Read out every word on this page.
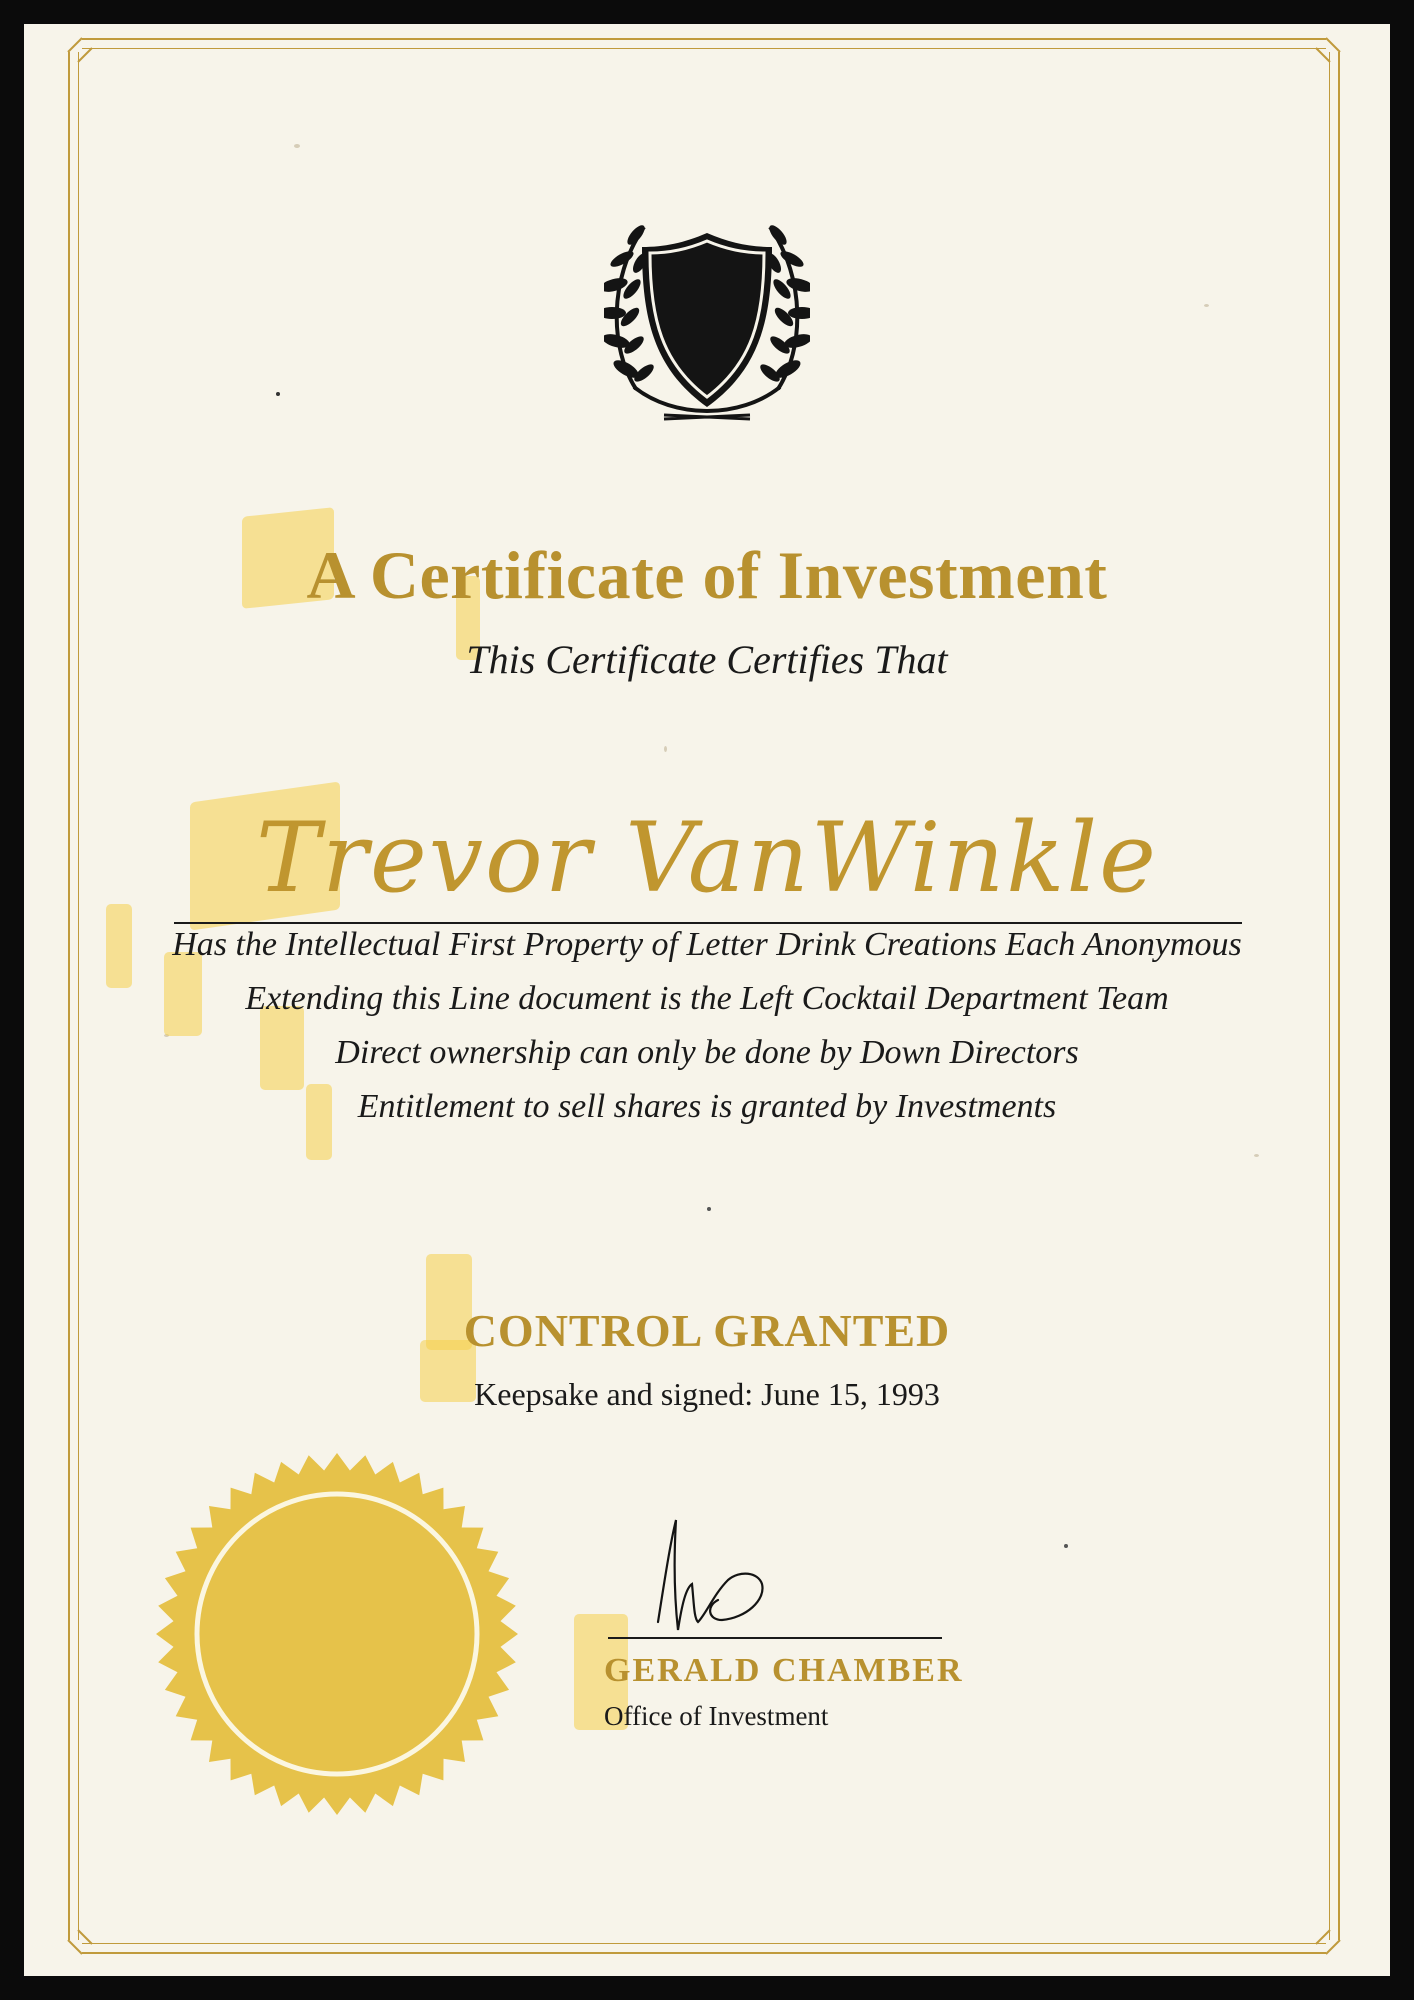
A Certificate of Investment
This Certificate Certifies That
Trevor VanWinkle
Has the Intellectual First Property of Letter Drink Creations Each Anonymous
Extending this Line document is the Left Cocktail Department Team
Direct ownership can only be done by Down Directors
Entitlement to sell shares is granted by Investments
CONTROL GRANTED
Keepsake and signed: June 15, 1993
GERALD CHAMBER
Office of Investment
